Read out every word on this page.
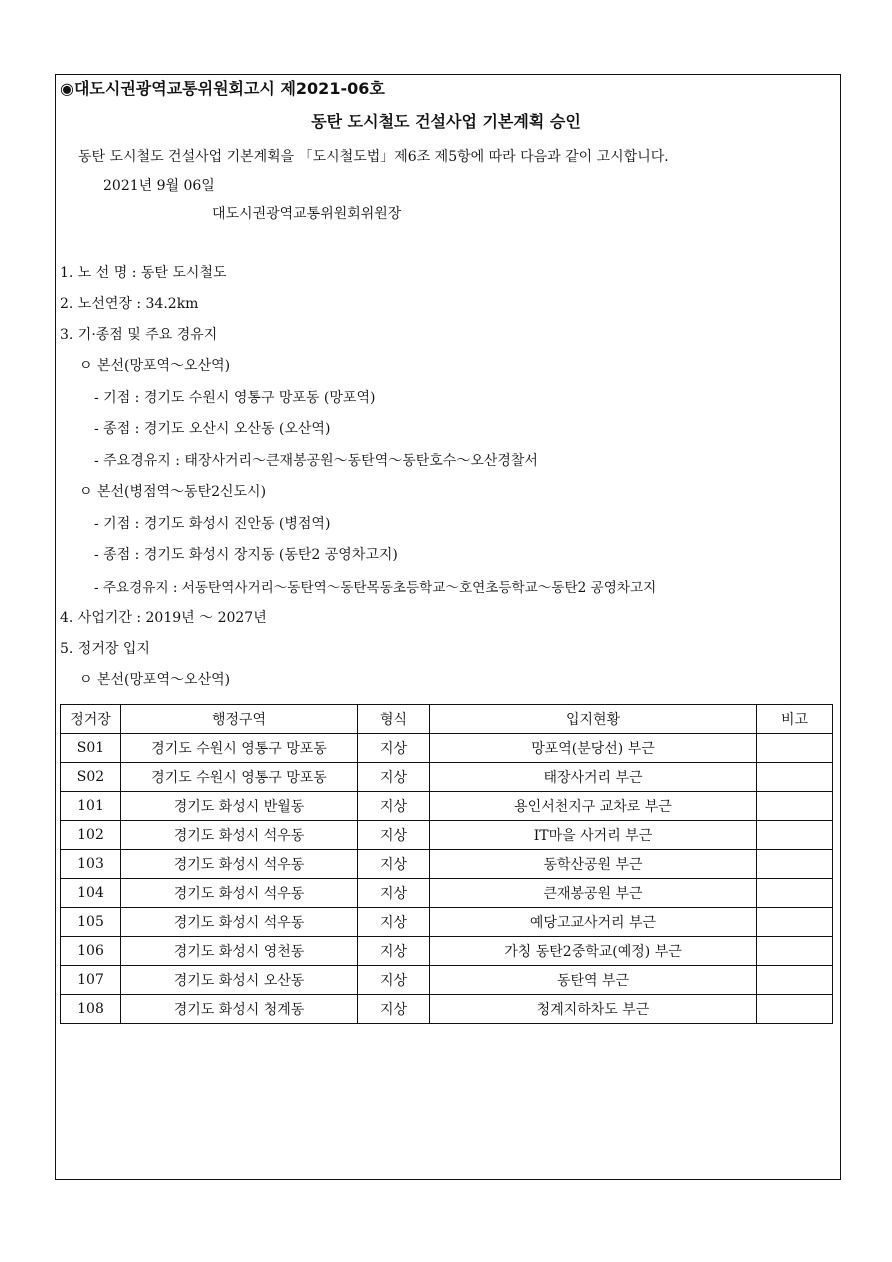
◉대도시권광역교통위원회고시 제2021-06호
동탄 도시철도 건설사업 기본계획 승인
동탄 도시철도 건설사업 기본계획을 「도시철도법」제6조 제5항에 따라 다음과 같이 고시합니다.
2021년 9월 06일
대도시권광역교통위원회위원장
1. 노 선 명 : 동탄 도시철도
2. 노선연장 : 34.2km
3. 기·종점 및 주요 경유지
ㅇ 본선(망포역～오산역)
- 기점 : 경기도 수원시 영통구 망포동 (망포역)
- 종점 : 경기도 오산시 오산동 (오산역)
- 주요경유지 : 태장사거리～큰재봉공원～동탄역～동탄호수～오산경찰서
ㅇ 본선(병점역～동탄2신도시)
- 기점 : 경기도 화성시 진안동 (병점역)
- 종점 : 경기도 화성시 장지동 (동탄2 공영차고지)
- 주요경유지 : 서동탄역사거리～동탄역～동탄목동초등학교～호연초등학교～동탄2 공영차고지
4. 사업기간 : 2019년 ～ 2027년
5. 정거장 입지
ㅇ 본선(망포역～오산역)
정거장	행정구역	형식	입지현황	비고
S01	경기도 수원시 영통구 망포동	지상	망포역(분당선) 부근	
S02	경기도 수원시 영통구 망포동	지상	태장사거리 부근	
101	경기도 화성시 반월동	지상	용인서천지구 교차로 부근	
102	경기도 화성시 석우동	지상	IT마을 사거리 부근	
103	경기도 화성시 석우동	지상	동학산공원 부근	
104	경기도 화성시 석우동	지상	큰재봉공원 부근	
105	경기도 화성시 석우동	지상	예당고교사거리 부근	
106	경기도 화성시 영천동	지상	가칭 동탄2중학교(예정) 부근	
107	경기도 화성시 오산동	지상	동탄역 부근	
108	경기도 화성시 청계동	지상	청계지하차도 부근	
